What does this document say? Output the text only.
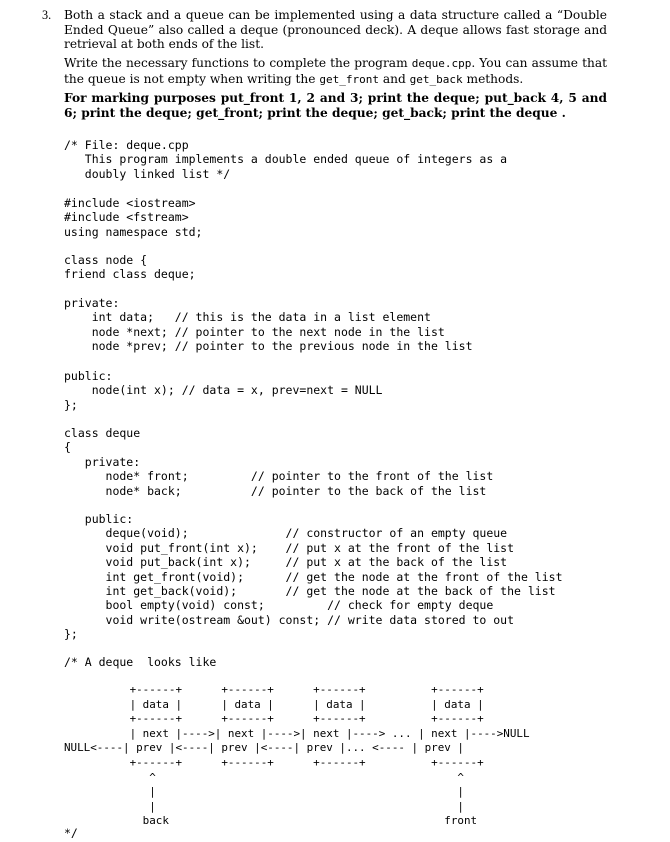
3. Both a stack and a queue can be implemented using a data structure called a “Double Ended Queue” also called a deque (pronounced deck). A deque allows fast storage and retrieval at both ends of the list.

Write the necessary functions to complete the program deque.cpp. You can assume that the queue is not empty when writing the get_front and get_back methods.

For marking purposes put_front 1, 2 and 3; print the deque; put_back 4, 5 and 6; print the deque; get_front; print the deque; get_back; print the deque .

/* File: deque.cpp
This program implements a double ended queue of integers as a
doubly linked list */
#include <iostream>
#include <fstream>
using namespace std;
class node {
friend class deque;
private:
int data;   // this is the data in a list element
node *next; // pointer to the next node in the list
node *prev; // pointer to the previous node in the list
public:
node(int x); // data = x, prev=next = NULL
};
class deque
{
private:
node* front;         // pointer to the front of the list
node* back;          // pointer to the back of the list
public:
deque(void);              // constructor of an empty queue
void put_front(int x);    // put x at the front of the list
void put_back(int x);     // put x at the back of the list
int get_front(void);      // get the node at the front of the list
int get_back(void);       // get the node at the back of the list
bool empty(void) const;         // check for empty deque
void write(ostream &out) const; // write data stored to out
};
/* A deque  looks like
+------+      +------+      +------+          +------+
| data |      | data |      | data |          | data |
+------+      +------+      +------+          +------+
| next |---->| next |---->| next |----> ... | next |---->NULL
NULL<----| prev |<----| prev |<----| prev |... <---- | prev |
+------+      +------+      +------+          +------+
^                                              ^
|                                              |
|                                              |
back                                          front
*/
